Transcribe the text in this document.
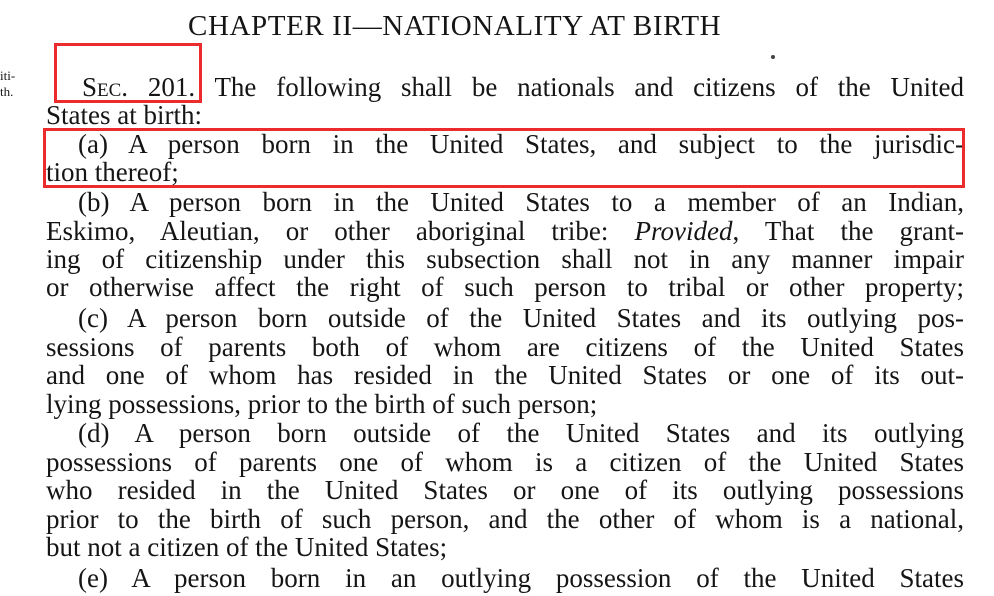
CHAPTER II—NATIONALITY AT BIRTH
iti-
th.	Sec. 201. The following shall be nationals and citizens of the United
States at birth:
(a) A person born in the United States, and subject to the jurisdic-
tion thereof;
(b) A person born in the United States to a member of an Indian,
Eskimo, Aleutian, or other aboriginal tribe: Provided, That the grant-
ing of citizenship under this subsection shall not in any manner impair
or otherwise affect the right of such person to tribal or other property;
(c) A person born outside of the United States and its outlying pos-
sessions of parents both of whom are citizens of the United States
and one of whom has resided in the United States or one of its out-
lying possessions, prior to the birth of such person;
(d) A person born outside of the United States and its outlying
possessions of parents one of whom is a citizen of the United States
who resided in the United States or one of its outlying possessions
prior to the birth of such person, and the other of whom is a national,
but not a citizen of the United States;
(e) A person born in an outlying possession of the United States
